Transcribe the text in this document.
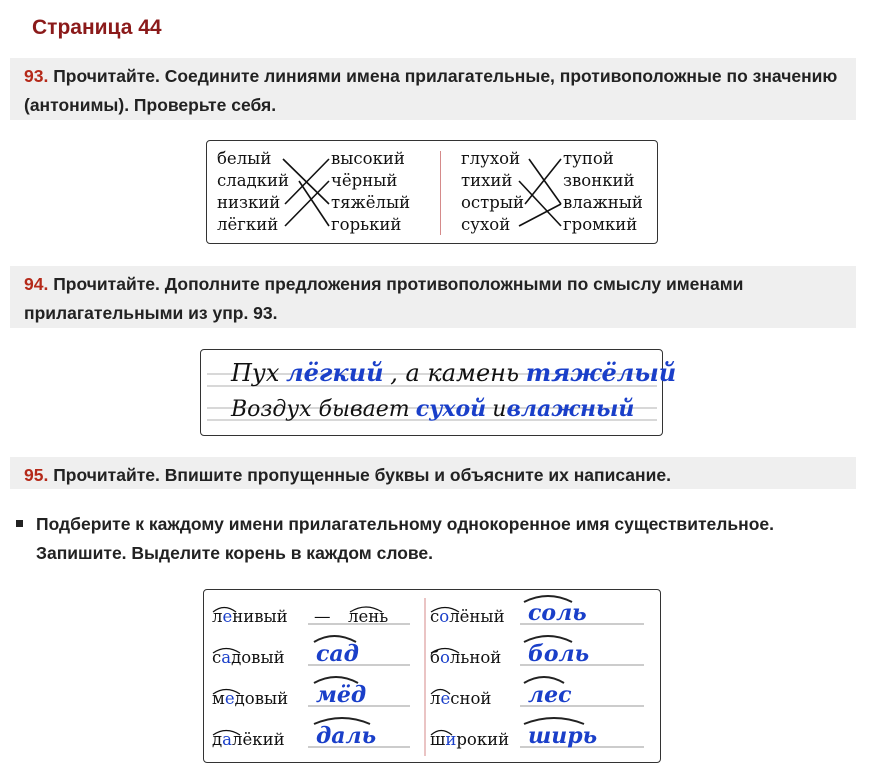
Страница 44
93. Прочитайте. Соедините линиями имена прилагательные, противоположные по значению (антонимы). Проверьте себя.
белый
сладкий
низкий
лёгкий
высокий
чёрный
тяжёлый
горький
глухой
тихий
острый
сухой
тупой
звонкий
влажный
громкий
94. Прочитайте. Дополните предложения противоположными по смыслу именами прилагательными из упр. 93.
Пух лёгкий , а камень тяжёлый
Воздух бывает сухой ивлажный
95. Прочитайте. Впишите пропущенные буквы и объясните их написание.
Подберите к каждому имени прилагательному однокоренное имя существительное. Запишите. Выделите корень в каждом слове.
ленивый — лень
садовый сад
медовый мёд
далёкий даль
солёный соль
больной боль
лесной лес
широкий ширь
